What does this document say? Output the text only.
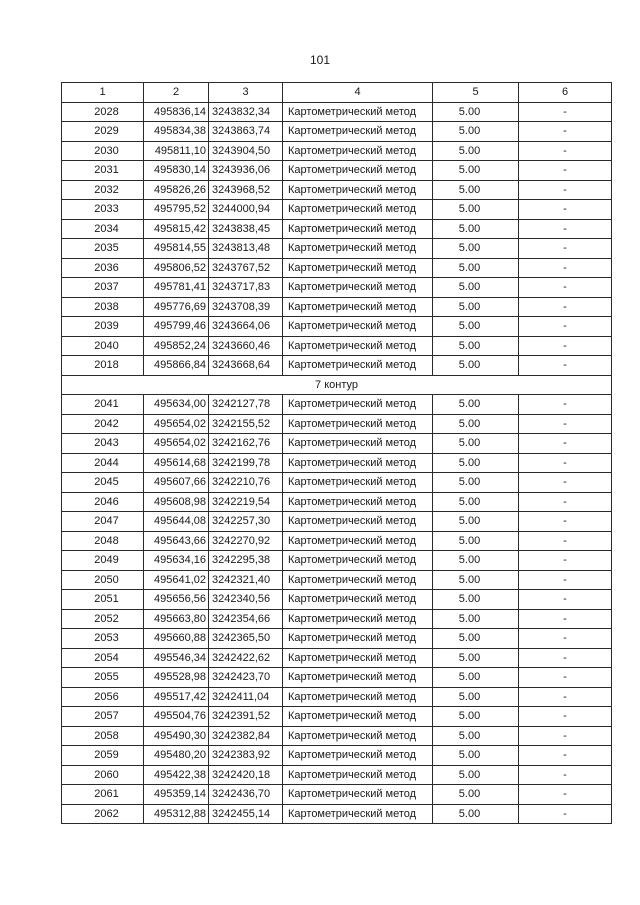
101
1	2	3	4	5	6
2028	495836,14	3243832,34	Картометрический метод	5.00	-
2029	495834,38	3243863,74	Картометрический метод	5.00	-
2030	495811,10	3243904,50	Картометрический метод	5.00	-
2031	495830,14	3243936,06	Картометрический метод	5.00	-
2032	495826,26	3243968,52	Картометрический метод	5.00	-
2033	495795,52	3244000,94	Картометрический метод	5.00	-
2034	495815,42	3243838,45	Картометрический метод	5.00	-
2035	495814,55	3243813,48	Картометрический метод	5.00	-
2036	495806,52	3243767,52	Картометрический метод	5.00	-
2037	495781,41	3243717,83	Картометрический метод	5.00	-
2038	495776,69	3243708,39	Картометрический метод	5.00	-
2039	495799,46	3243664,06	Картометрический метод	5.00	-
2040	495852,24	3243660,46	Картометрический метод	5.00	-
2018	495866,84	3243668,64	Картометрический метод	5.00	-
7 контур					
2041	495634,00	3242127,78	Картометрический метод	5.00	-
2042	495654,02	3242155,52	Картометрический метод	5.00	-
2043	495654,02	3242162,76	Картометрический метод	5.00	-
2044	495614,68	3242199,78	Картометрический метод	5.00	-
2045	495607,66	3242210,76	Картометрический метод	5.00	-
2046	495608,98	3242219,54	Картометрический метод	5.00	-
2047	495644,08	3242257,30	Картометрический метод	5.00	-
2048	495643,66	3242270,92	Картометрический метод	5.00	-
2049	495634,16	3242295,38	Картометрический метод	5.00	-
2050	495641,02	3242321,40	Картометрический метод	5.00	-
2051	495656,56	3242340,56	Картометрический метод	5.00	-
2052	495663,80	3242354,66	Картометрический метод	5.00	-
2053	495660,88	3242365,50	Картометрический метод	5.00	-
2054	495546,34	3242422,62	Картометрический метод	5.00	-
2055	495528,98	3242423,70	Картометрический метод	5.00	-
2056	495517,42	3242411,04	Картометрический метод	5.00	-
2057	495504,76	3242391,52	Картометрический метод	5.00	-
2058	495490,30	3242382,84	Картометрический метод	5.00	-
2059	495480,20	3242383,92	Картометрический метод	5.00	-
2060	495422,38	3242420,18	Картометрический метод	5.00	-
2061	495359,14	3242436,70	Картометрический метод	5.00	-
2062	495312,88	3242455,14	Картометрический метод	5.00	-
